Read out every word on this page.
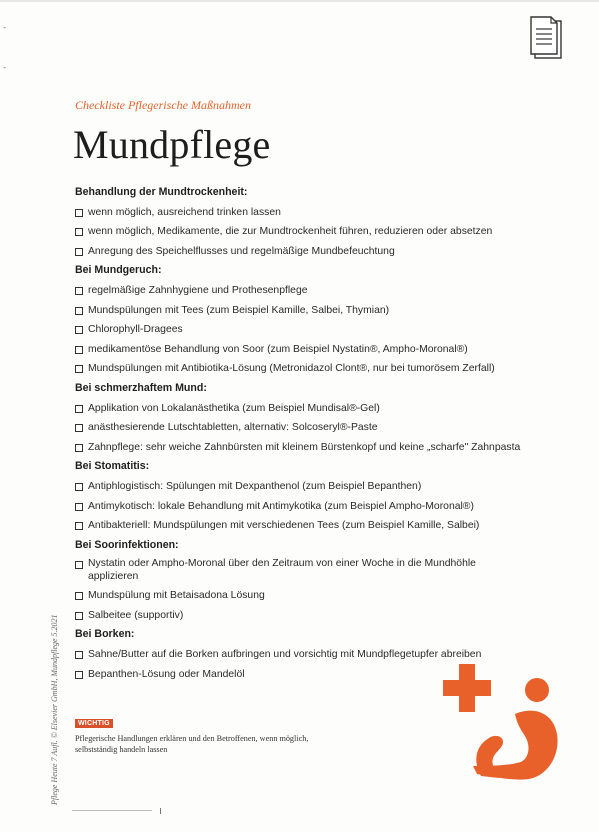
-
-
Checkliste Pflegerische Maßnahmen
Mundpflege
Behandlung der Mundtrockenheit:
wenn möglich, ausreichend trinken lassen
wenn möglich, Medikamente, die zur Mundtrockenheit führen, reduzieren oder absetzen
Anregung des Speichelflusses und regelmäßige Mundbefeuchtung
Bei Mundgeruch:
regelmäßige Zahnhygiene und Prothesenpflege
Mundspülungen mit Tees (zum Beispiel Kamille, Salbei, Thymian)
Chlorophyll-Dragees
medikamentöse Behandlung von Soor (zum Beispiel Nystatin®, Ampho-Moronal®)
Mundspülungen mit Antibiotika-Lösung (Metronidazol Clont®, nur bei tumorösem Zerfall)
Bei schmerzhaftem Mund:
Applikation von Lokalanästhetika (zum Beispiel Mundisal®-Gel)
anästhesierende Lutschtabletten, alternativ: Solcoseryl®-Paste
Zahnpflege: sehr weiche Zahnbürsten mit kleinem Bürstenkopf und keine „scharfe" Zahnpasta
Bei Stomatitis:
Antiphlogistisch: Spülungen mit Dexpanthenol (zum Beispiel Bepanthen)
Antimykotisch: lokale Behandlung mit Antimykotika (zum Beispiel Ampho-Moronal®)
Antibakteriell: Mundspülungen mit verschiedenen Tees (zum Beispiel Kamille, Salbei)
Bei Soorinfektionen:
Nystatin oder Ampho-Moronal über den Zeitraum von einer Woche in die Mundhöhle applizieren
Mundspülung mit Betaisadona Lösung
Salbeitee (supportiv)
Bei Borken:
Sahne/Butter auf die Borken aufbringen und vorsichtig mit Mundpflegetupfer abreiben
Bepanthen-Lösung oder Mandelöl
Pflege Heute 7 Aufl. © Elsevier GmbH, Mundpflege 5.2021	WICHTIG
Pflegerische Handlungen erklären und den Betroffenen, wenn möglich, selbstständig handeln lassen
